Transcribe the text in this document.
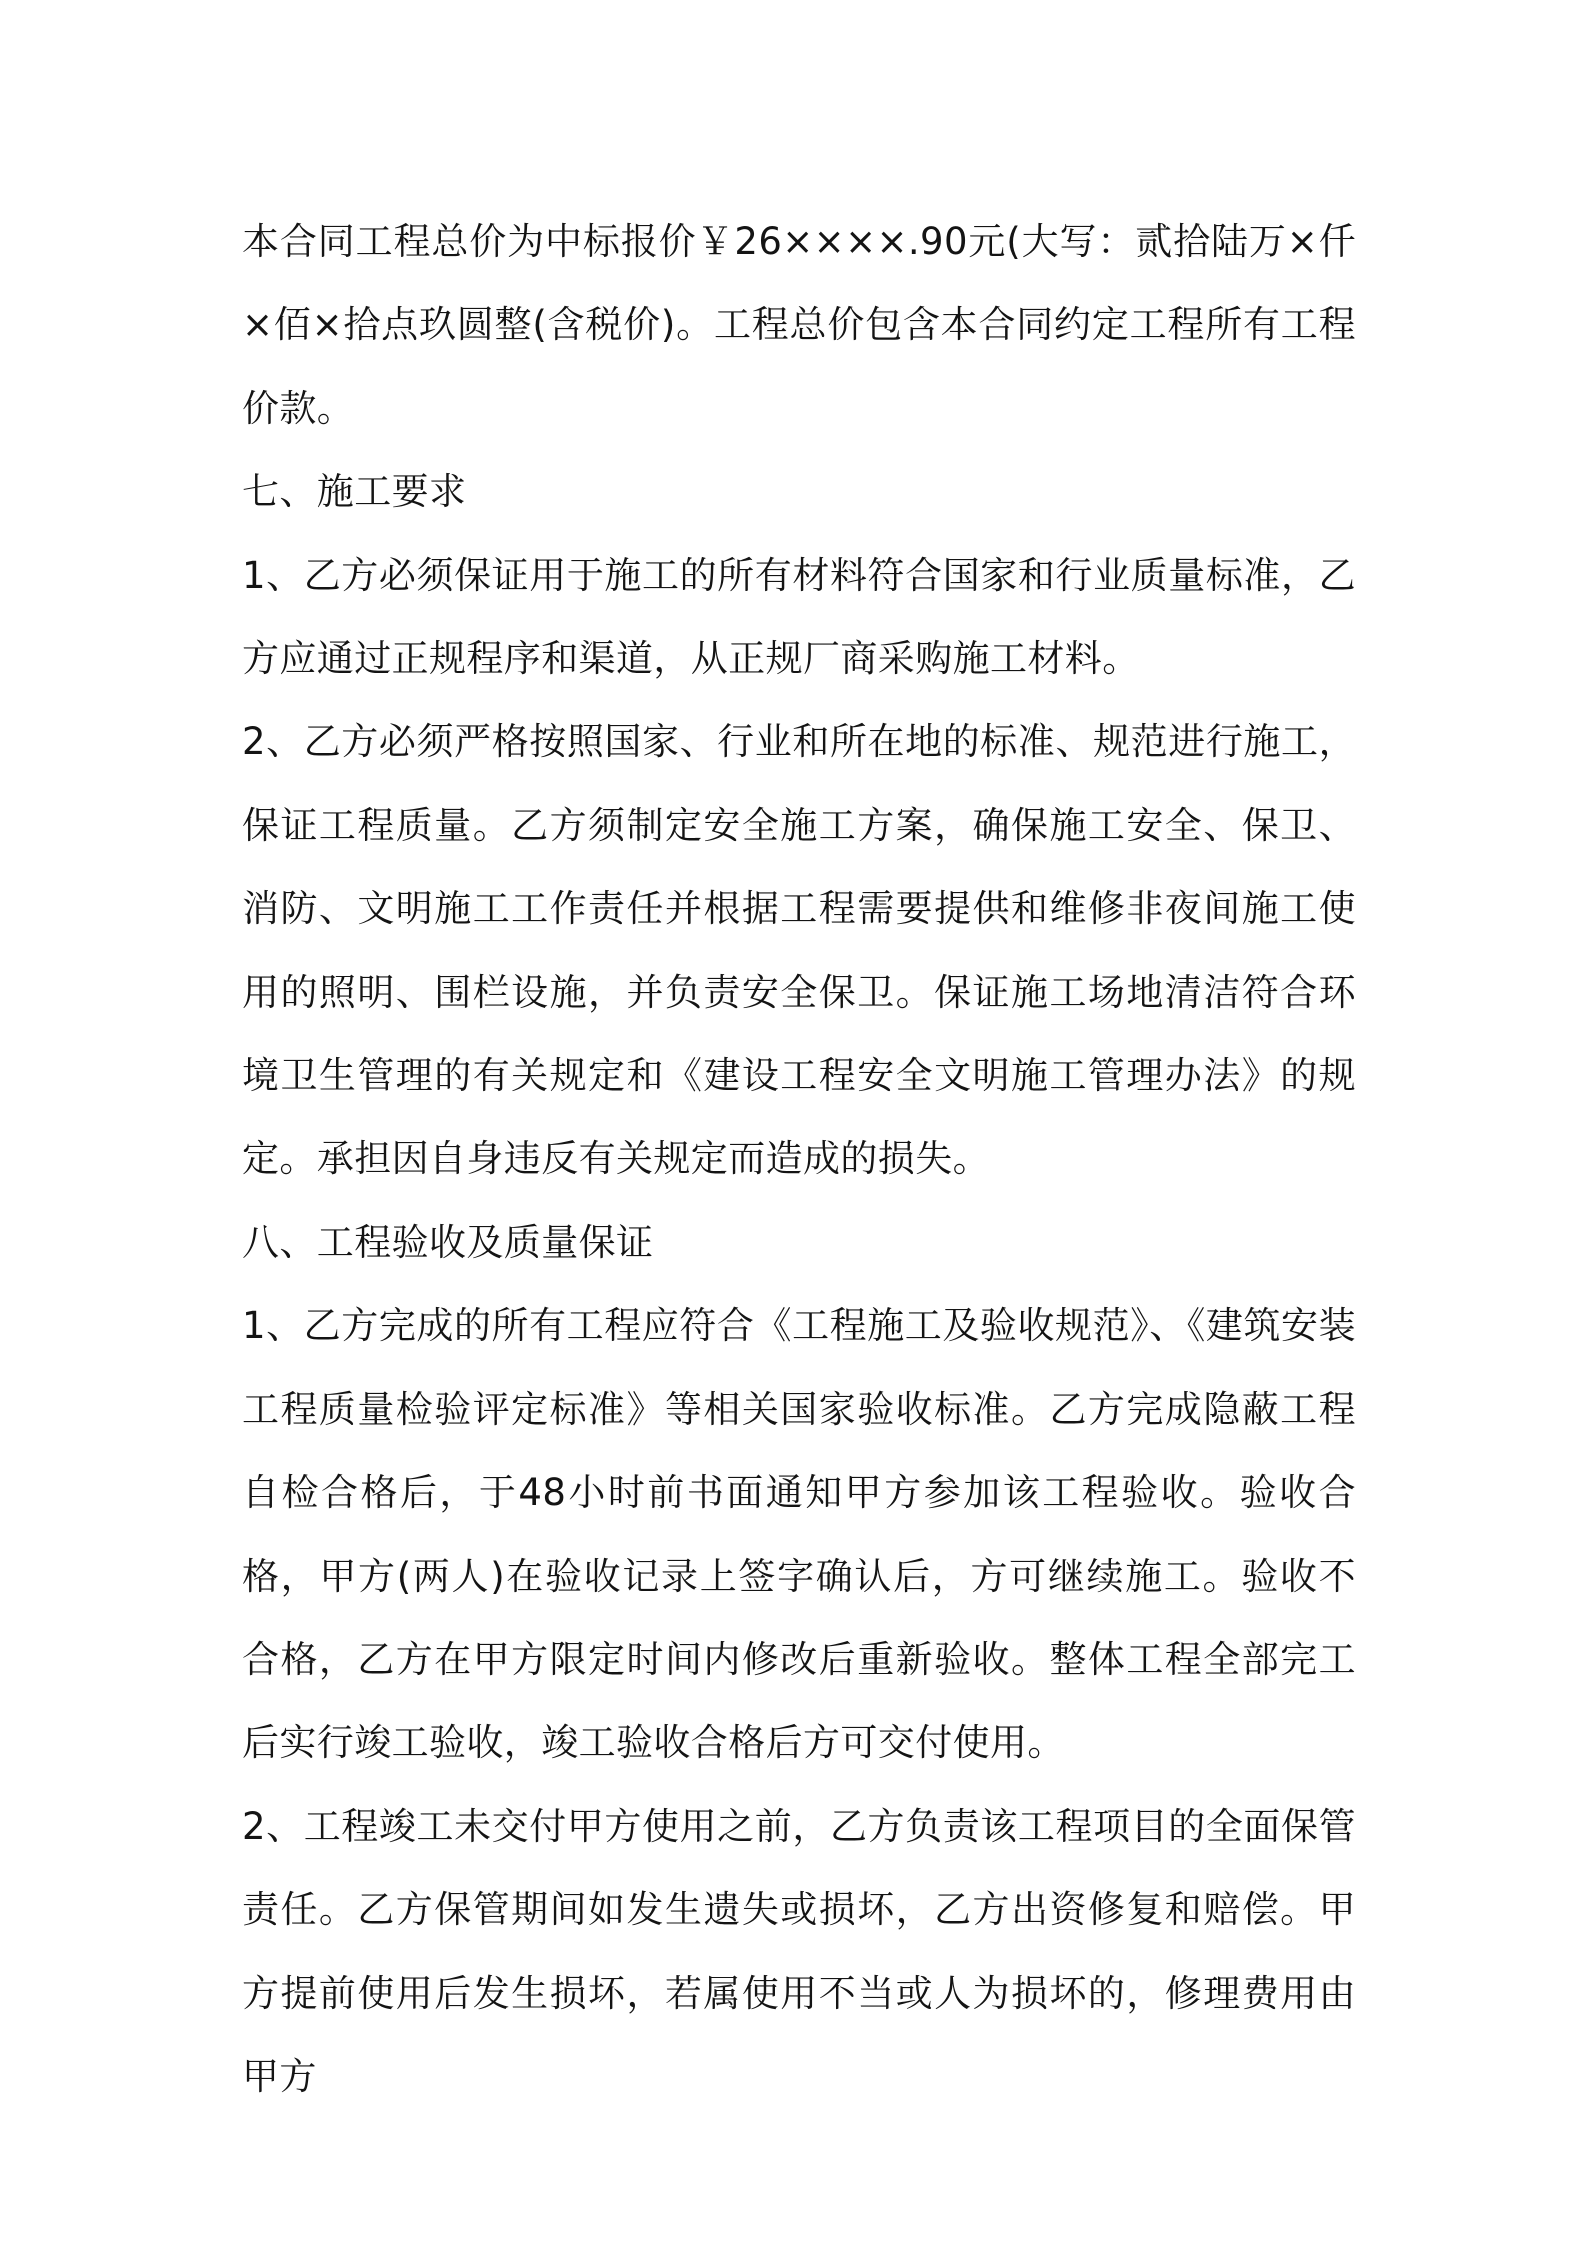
本合同工程总价为中标报价￥26××××.90元(大写：贰拾陆万×仟×佰×拾点玖圆整(含税价)。工程总价包含本合同约定工程所有工程价款。

七、施工要求

1、乙方必须保证用于施工的所有材料符合国家和行业质量标准，乙方应通过正规程序和渠道，从正规厂商采购施工材料。

2、乙方必须严格按照国家、行业和所在地的标准、规范进行施工，保证工程质量。乙方须制定安全施工方案，确保施工安全、保卫、消防、文明施工工作责任并根据工程需要提供和维修非夜间施工使用的照明、围栏设施，并负责安全保卫。保证施工场地清洁符合环境卫生管理的有关规定和《建设工程安全文明施工管理办法》的规定。承担因自身违反有关规定而造成的损失。

八、工程验收及质量保证

1、乙方完成的所有工程应符合《工程施工及验收规范》、《建筑安装工程质量检验评定标准》等相关国家验收标准。乙方完成隐蔽工程自检合格后，于48小时前书面通知甲方参加该工程验收。验收合格，甲方(两人)在验收记录上签字确认后，方可继续施工。验收不合格，乙方在甲方限定时间内修改后重新验收。整体工程全部完工后实行竣工验收，竣工验收合格后方可交付使用。

2、工程竣工未交付甲方使用之前，乙方负责该工程项目的全面保管责任。乙方保管期间如发生遗失或损坏，乙方出资修复和赔偿。甲方提前使用后发生损坏，若属使用不当或人为损坏的，修理费用由甲方
